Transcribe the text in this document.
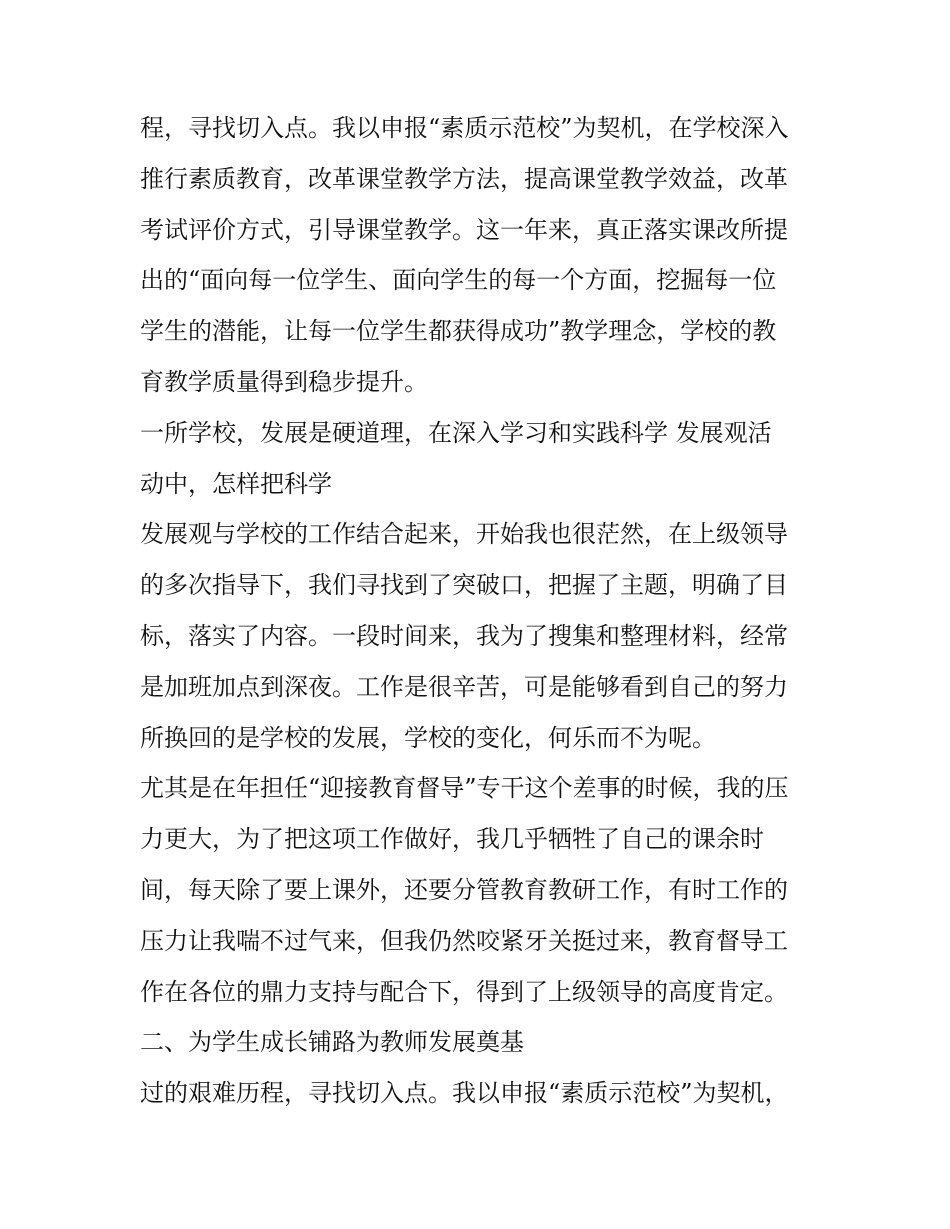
程，寻找切入点。我以申报“素质示范校”为契机，在学校深入
推行素质教育，改革课堂教学方法，提高课堂教学效益，改革
考试评价方式，引导课堂教学。这一年来，真正落实课改所提
出的“面向每一位学生、面向学生的每一个方面，挖掘每一位
学生的潜能，让每一位学生都获得成功”教学理念，学校的教
育教学质量得到稳步提升。
一所学校，发展是硬道理，在深入学习和实践科学 发展观活
动中，怎样把科学
发展观与学校的工作结合起来，开始我也很茫然，在上级领导
的多次指导下，我们寻找到了突破口，把握了主题，明确了目
标，落实了内容。一段时间来，我为了搜集和整理材料，经常
是加班加点到深夜。工作是很辛苦，可是能够看到自己的努力
所换回的是学校的发展，学校的变化，何乐而不为呢。
尤其是在年担任“迎接教育督导”专干这个差事的时候，我的压
力更大，为了把这项工作做好，我几乎牺牲了自己的课余时
间，每天除了要上课外，还要分管教育教研工作，有时工作的
压力让我喘不过气来，但我仍然咬紧牙关挺过来，教育督导工
作在各位的鼎力支持与配合下，得到了上级领导的高度肯定。
二、为学生成长铺路为教师发展奠基
过的艰难历程，寻找切入点。我以申报“素质示范校”为契机，
